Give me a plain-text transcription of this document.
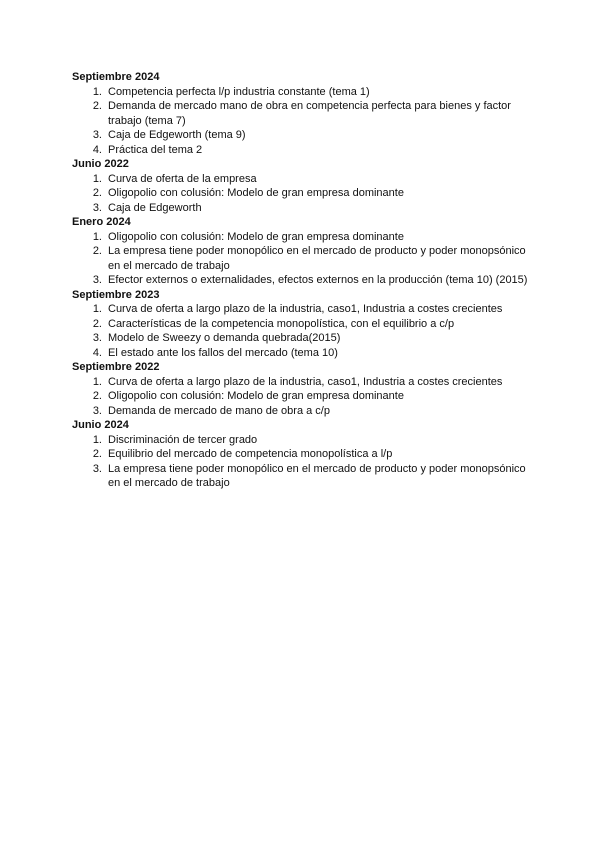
Septiembre 2024
1. Competencia perfecta l/p industria constante (tema 1)
2. Demanda de mercado mano de obra en competencia perfecta para bienes y factor trabajo (tema 7)
3. Caja de Edgeworth (tema 9)
4. Práctica del tema 2
Junio 2022
1. Curva de oferta de la empresa
2. Oligopolio con colusión: Modelo de gran empresa dominante
3. Caja de Edgeworth
Enero 2024
1. Oligopolio con colusión: Modelo de gran empresa dominante
2. La empresa tiene poder monopólico en el mercado de producto y poder monopsónico en el mercado de trabajo
3. Efector externos o externalidades, efectos externos en la producción (tema 10) (2015)
Septiembre 2023
1. Curva de oferta a largo plazo de la industria, caso1, Industria a costes crecientes
2. Características de la competencia monopolística, con el equilibrio a c/p
3. Modelo de Sweezy o demanda quebrada(2015)
4. El estado ante los fallos del mercado (tema 10)
Septiembre 2022
1. Curva de oferta a largo plazo de la industria, caso1, Industria a costes crecientes
2. Oligopolio con colusión: Modelo de gran empresa dominante
3. Demanda de mercado de mano de obra a c/p
Junio 2024
1. Discriminación de tercer grado
2. Equilibrio del mercado de competencia monopolística a l/p
3. La empresa tiene poder monopólico en el mercado de producto y poder monopsónico en el mercado de trabajo
